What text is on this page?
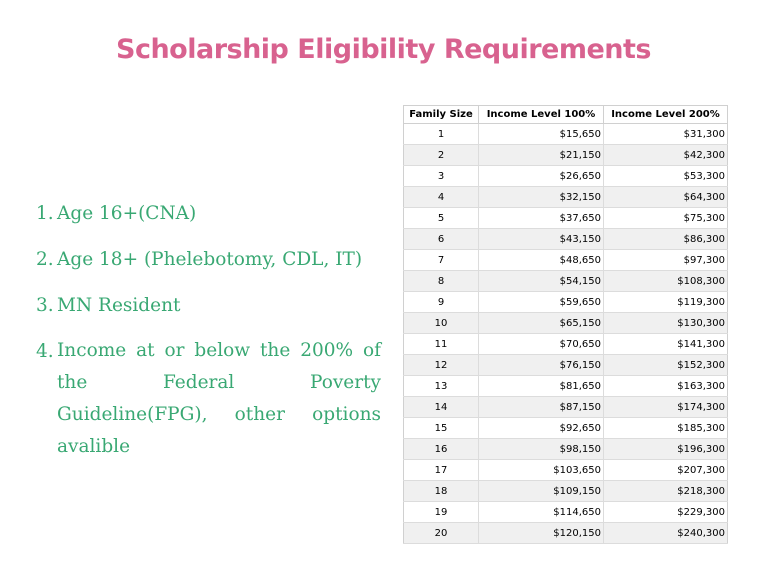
Scholarship Eligibility Requirements
1. Age 16+(CNA)
2. Age 18+ (Phelebotomy, CDL, IT)
3. MN Resident
4. Income at or below the 200% of the Federal Poverty Guideline(FPG), other options avalible
Family Size	Income Level 100%	Income Level 200%
1	$15,650	$31,300
2	$21,150	$42,300
3	$26,650	$53,300
4	$32,150	$64,300
5	$37,650	$75,300
6	$43,150	$86,300
7	$48,650	$97,300
8	$54,150	$108,300
9	$59,650	$119,300
10	$65,150	$130,300
11	$70,650	$141,300
12	$76,150	$152,300
13	$81,650	$163,300
14	$87,150	$174,300
15	$92,650	$185,300
16	$98,150	$196,300
17	$103,650	$207,300
18	$109,150	$218,300
19	$114,650	$229,300
20	$120,150	$240,300
